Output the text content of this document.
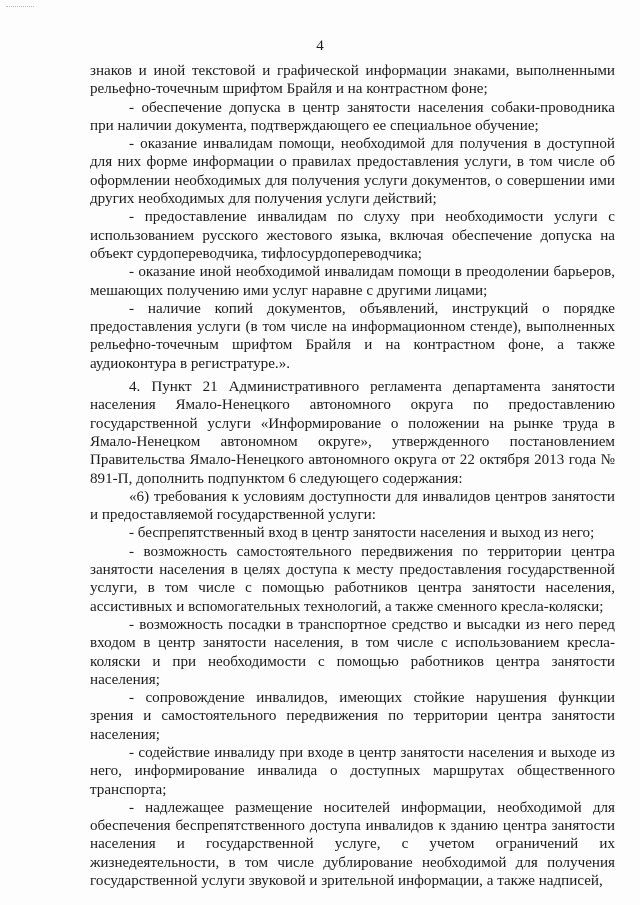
4

знаков и иной текстовой и графической информации знаками, выполненными рельефно-точечным шрифтом Брайля и на контрастном фоне;

- обеспечение допуска в центр занятости населения собаки-проводника при наличии документа, подтверждающего ее специальное обучение;

- оказание инвалидам помощи, необходимой для получения в доступной для них форме информации о правилах предоставления услуги, в том числе об оформлении необходимых для получения услуги документов, о совершении ими других необходимых для получения услуги действий;

- предоставление инвалидам по слуху при необходимости услуги с использованием русского жестового языка, включая обеспечение допуска на объект сурдопереводчика, тифлосурдопереводчика;

- оказание иной необходимой инвалидам помощи в преодолении барьеров, мешающих получению ими услуг наравне с другими лицами;

- наличие копий документов, объявлений, инструкций о порядке предоставления услуги (в том числе на информационном стенде), выполненных рельефно-точечным шрифтом Брайля и на контрастном фоне, а также аудиоконтура в регистратуре.».

4. Пункт 21 Административного регламента департамента занятости населения Ямало-Ненецкого автономного округа по предоставлению государственной услуги «Информирование о положении на рынке труда в Ямало-Ненецком автономном округе», утвержденного постановлением Правительства Ямало-Ненецкого автономного округа от 22 октября 2013 года № 891-П, дополнить подпунктом 6 следующего содержания:

«6) требования к условиям доступности для инвалидов центров занятости и предоставляемой государственной услуги:

- беспрепятственный вход в центр занятости населения и выход из него;

- возможность самостоятельного передвижения по территории центра занятости населения в целях доступа к месту предоставления государственной услуги, в том числе с помощью работников центра занятости населения, ассистивных и вспомогательных технологий, а также сменного кресла-коляски;

- возможность посадки в транспортное средство и высадки из него перед входом в центр занятости населения, в том числе с использованием кресла-коляски и при необходимости с помощью работников центра занятости населения;

- сопровождение инвалидов, имеющих стойкие нарушения функции зрения и самостоятельного передвижения по территории центра занятости населения;

- содействие инвалиду при входе в центр занятости населения и выходе из него, информирование инвалида о доступных маршрутах общественного транспорта;

- надлежащее размещение носителей информации, необходимой для обеспечения беспрепятственного доступа инвалидов к зданию центра занятости населения и государственной услуге, с учетом ограничений их жизнедеятельности, в том числе дублирование необходимой для получения государственной услуги звуковой и зрительной информации, а также надписей,
